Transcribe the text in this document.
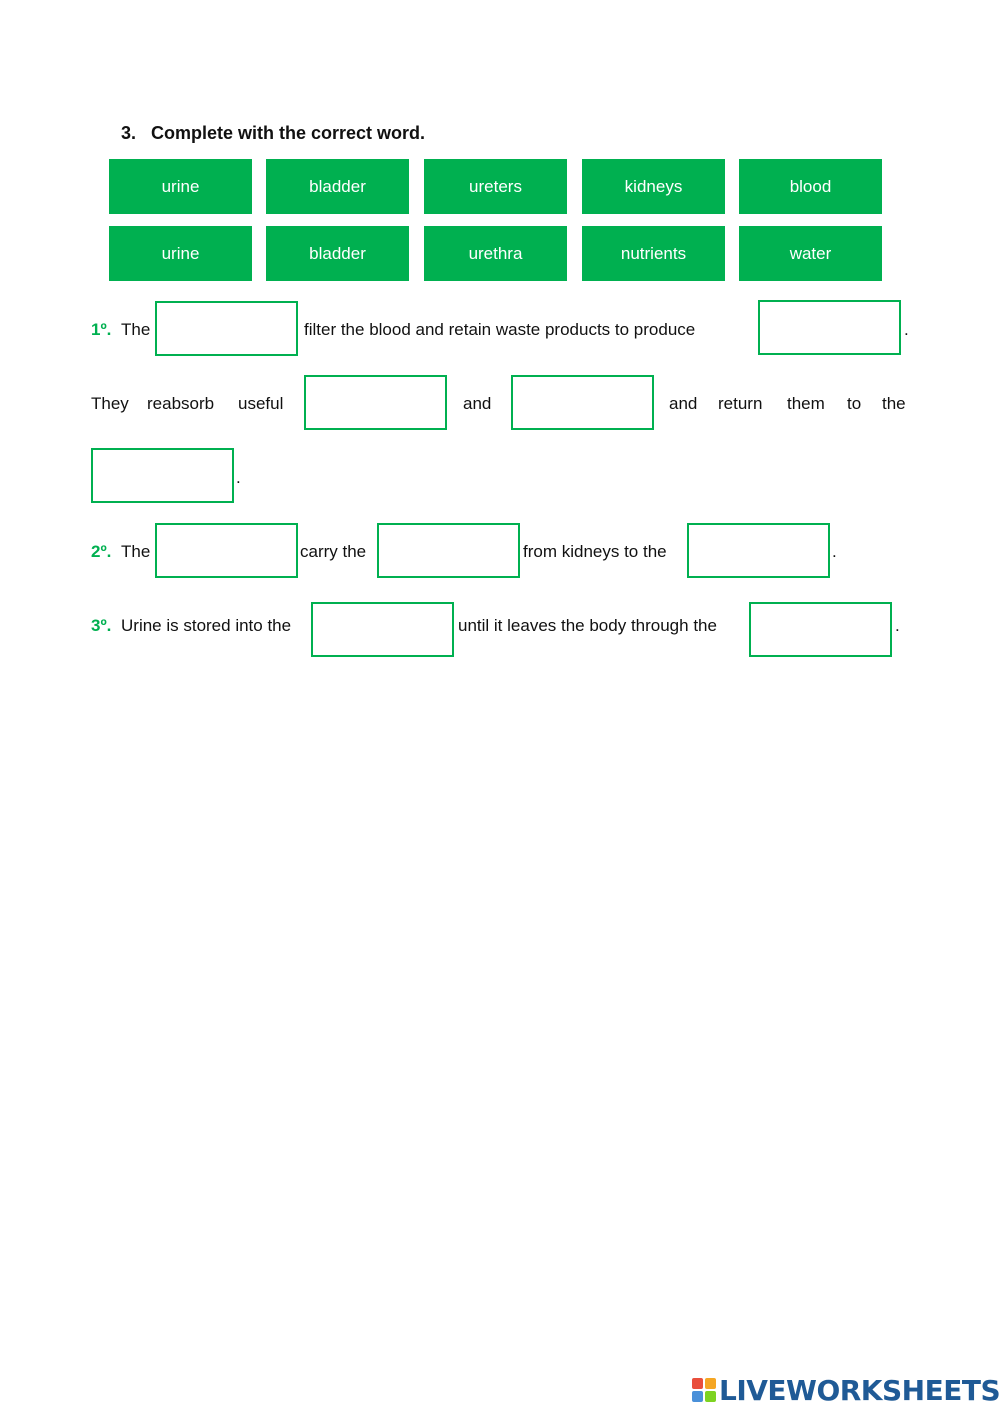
3. Complete with the correct word.
urine	bladder	ureters	kidneys	blood
urine	bladder	urethra	nutrients	water
1º. The	filter the blood and retain waste products to produce	.
They reabsorb useful	and	and return them to the
.
2º. The	carry the	from kidneys to the	.
3º. Urine is stored into the	until it leaves the body through the	.
LIVEWORKSHEETS
